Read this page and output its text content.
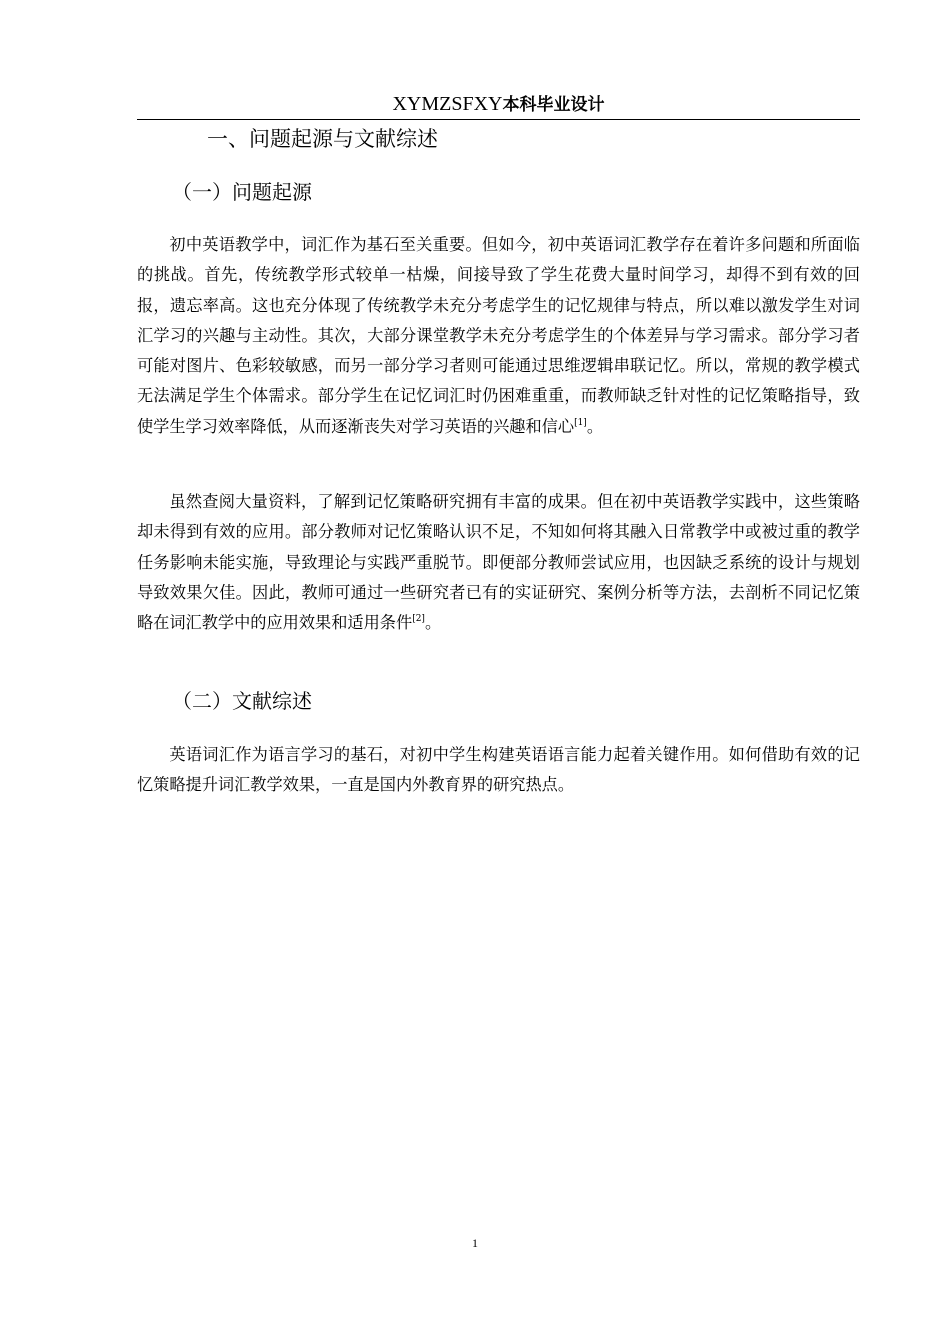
XYMZSFXY本科毕业设计
一、问题起源与文献综述
（一）问题起源

初中英语教学中，词汇作为基石至关重要。但如今，初中英语词汇教学存在着许多问题和所面临的挑战。首先，传统教学形式较单一枯燥，间接导致了学生花费大量时间学习，却得不到有效的回报，遗忘率高。这也充分体现了传统教学未充分考虑学生的记忆规律与特点，所以难以激发学生对词汇学习的兴趣与主动性。其次，大部分课堂教学未充分考虑学生的个体差异与学习需求。部分学习者可能对图片、色彩较敏感，而另一部分学习者则可能通过思维逻辑串联记忆。所以，常规的教学模式无法满足学生个体需求。部分学生在记忆词汇时仍困难重重，而教师缺乏针对性的记忆策略指导，致使学生学习效率降低，从而逐渐丧失对学习英语的兴趣和信心[1]。

虽然查阅大量资料，了解到记忆策略研究拥有丰富的成果。但在初中英语教学实践中，这些策略却未得到有效的应用。部分教师对记忆策略认识不足，不知如何将其融入日常教学中或被过重的教学任务影响未能实施，导致理论与实践严重脱节。即便部分教师尝试应用，也因缺乏系统的设计与规划导致效果欠佳。因此，教师可通过一些研究者已有的实证研究、案例分析等方法，去剖析不同记忆策略在词汇教学中的应用效果和适用条件[2]。

（二）文献综述

英语词汇作为语言学习的基石，对初中学生构建英语语言能力起着关键作用。如何借助有效的记忆策略提升词汇教学效果，一直是国内外教育界的研究热点。

1
